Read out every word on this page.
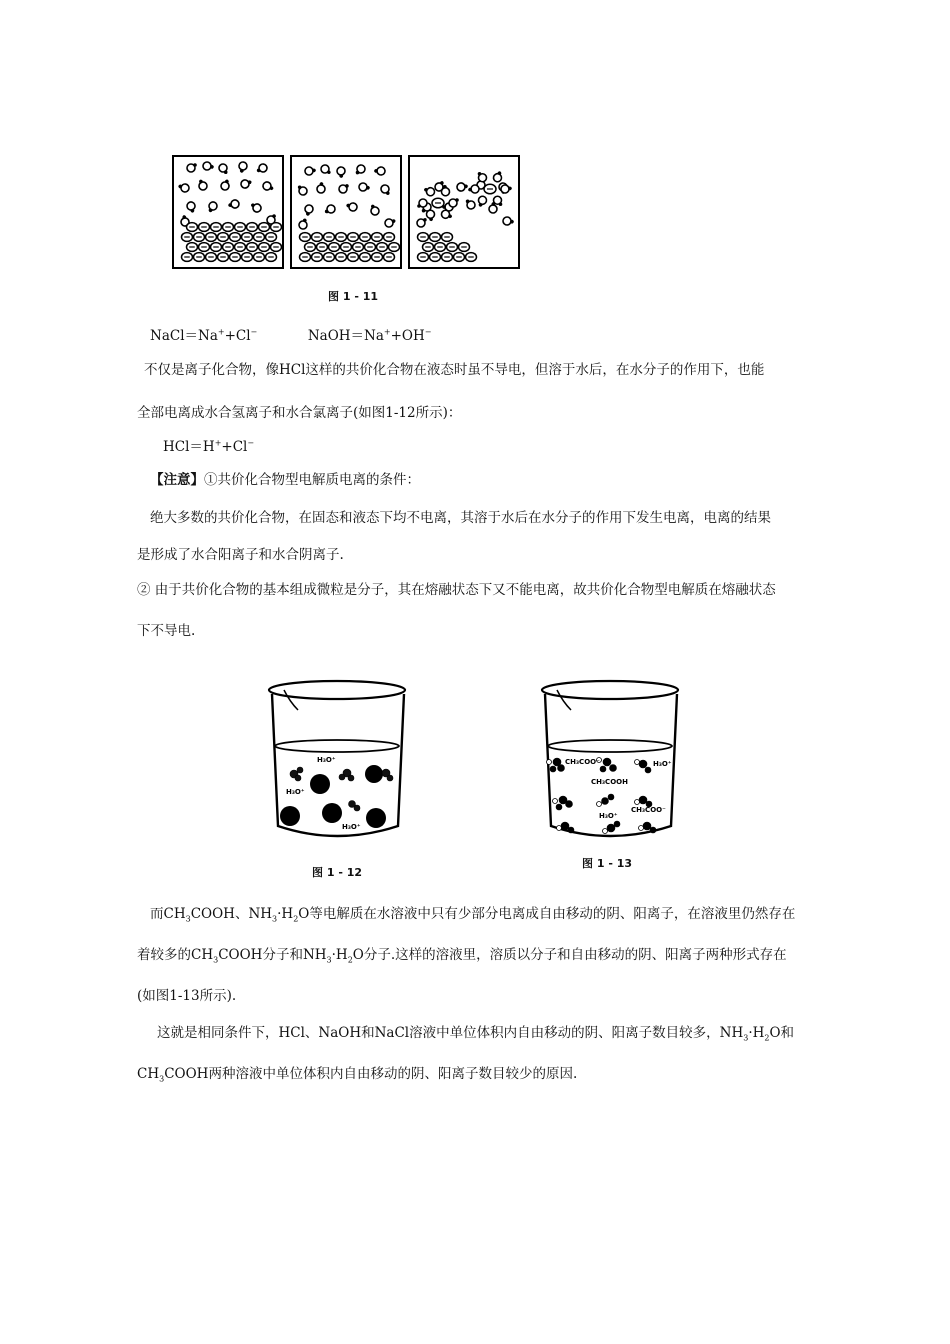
图 1 - 11
NaCl＝Na++Cl−	NaOH＝Na++OH−
不仅是离子化合物，像HCl这样的共价化合物在液态时虽不导电，但溶于水后，在水分子的作用下，也能
全部电离成水合氢离子和水合氯离子(如图1-12所示)：
HCl＝H++Cl−
【注意】①共价化合物型电解质电离的条件：
绝大多数的共价化合物，在固态和液态下均不电离，其溶于水后在水分子的作用下发生电离，电离的结果
是形成了水合阳离子和水合阴离子.
② 由于共价化合物的基本组成微粒是分子，其在熔融状态下又不能电离，故共价化合物型电解质在熔融状态
下不导电.
H₃O⁺
H₃O⁺
H₃O⁺
图 1 - 12
CH₃COO⁻	H₃O⁺
CH₃COOH
CH₃COO⁻
H₃O⁺
图 1 - 13
而$CH_3COOH$、$NH_3\cdot H_2O$等电解质在水溶液中只有少部分电离成自由移动的阴、阳离子，在溶液里仍然存在
着较多的$CH_3COOH$分子和$NH_3\cdot H_2O$分子.这样的溶液里，溶质以分子和自由移动的阴、阳离子两种形式存在
(如图1-13所示).
这就是相同条件下，HCl、NaOH和NaCl溶液中单位体积内自由移动的阴、阳离子数目较多，$NH_3\cdot H_2O$和
$CH_3COOH$两种溶液中单位体积内自由移动的阴、阳离子数目较少的原因.
